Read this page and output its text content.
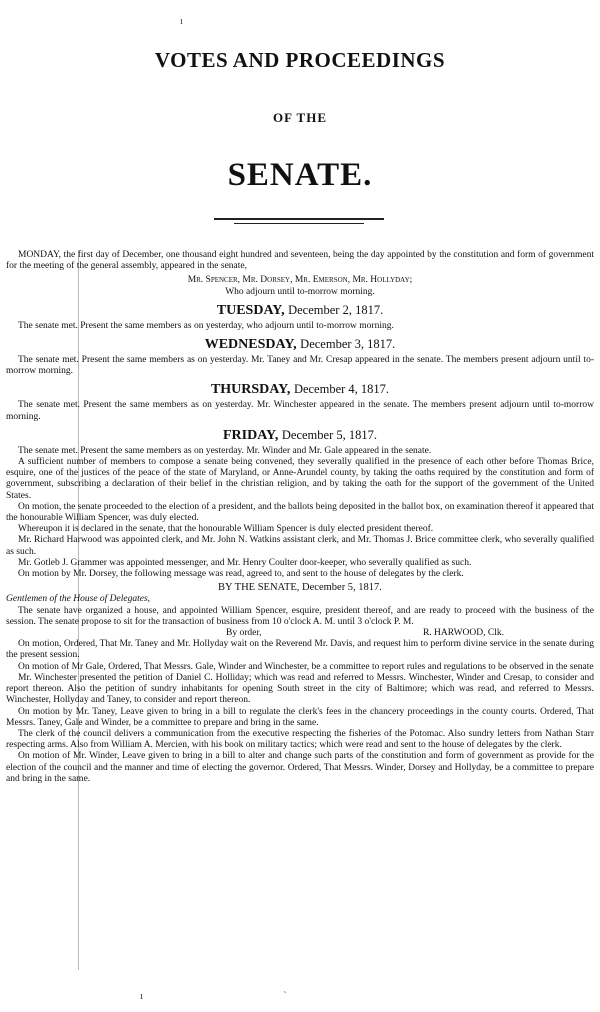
ı
VOTES AND PROCEEDINGS
OF THE
SENATE.

MONDAY, the first day of December, one thousand eight hundred and seventeen, being the day appointed by the constitution and form of government for the meeting of the general assembly, appeared in the senate,

Mr. Spencer, Mr. Dorsey, Mr. Emerson, Mr. Hollyday;

Who adjourn until to-morrow morning.

TUESDAY, December 2, 1817.

The senate met. Present the same members as on yesterday, who adjourn until to-morrow morning.

WEDNESDAY, December 3, 1817.

The senate met. Present the same members as on yesterday. Mr. Taney and Mr. Cresap appeared in the senate. The members present adjourn until to-morrow morning.

THURSDAY, December 4, 1817.

The senate met. Present the same members as on yesterday. Mr. Winchester appeared in the senate. The members present adjourn until to-morrow morning.

FRIDAY, December 5, 1817.

The senate met. Present the same members as on yesterday. Mr. Winder and Mr. Gale appeared in the senate.

A sufficient number of members to compose a senate being convened, they severally qualified in the presence of each other before Thomas Brice, esquire, one of the justices of the peace of the state of Maryland, or Anne-Arundel county, by taking the oaths required by the constitution and form of government, subscribing a declaration of their belief in the christian religion, and by taking the oath for the support of the government of the United States.

On motion, the senate proceeded to the election of a president, and the ballots being deposited in the ballot box, on examination thereof it appeared that the honourable William Spencer, was duly elected.

Whereupon it is declared in the senate, that the honourable William Spencer is duly elected president thereof.

Mr. Richard Harwood was appointed clerk, and Mr. John N. Watkins assistant clerk, and Mr. Thomas J. Brice committee clerk, who severally qualified as such.

Mr. Gotleb J. Grammer was appointed messenger, and Mr. Henry Coulter door-keeper, who severally qualified as such.

On motion by Mr. Dorsey, the following message was read, agreed to, and sent to the house of delegates by the clerk.

BY THE SENATE, December 5, 1817.

Gentlemen of the House of Delegates,

The senate have organized a house, and appointed William Spencer, esquire, president thereof, and are ready to proceed with the business of the session. The senate propose to sit for the transaction of business from 10 o'clock A. M. until 3 o'clock P. M.

By order,	R. HARWOOD, Clk.

On motion, Ordered, That Mr. Taney and Mr. Hollyday wait on the Reverend Mr. Davis, and request him to perform divine service in the senate during the present session.

On motion of Mr Gale, Ordered, That Messrs. Gale, Winder and Winchester, be a committee to report rules and regulations to be observed in the senate

Mr. Winchester presented the petition of Daniel C. Holliday; which was read and referred to Messrs. Winchester, Winder and Cresap, to consider and report thereon. Also the petition of sundry inhabitants for opening South street in the city of Baltimore; which was read, and referred to Messrs. Winchester, Hollyday and Taney, to consider and report thereon.

On motion by Mr. Taney, Leave given to bring in a bill to regulate the clerk's fees in the chancery proceedings in the county courts. Ordered, That Messrs. Taney, Gale and Winder, be a committee to prepare and bring in the same.

The clerk of the council delivers a communication from the executive respecting the fisheries of the Potomac. Also sundry letters from Nathan Starr respecting arms. Also from William A. Mercien, with his book on military tactics; which were read and sent to the house of delegates by the clerk.

On motion of Mr. Winder, Leave given to bring in a bill to alter and change such parts of the constitution and form of government as provide for the election of the council and the manner and time of electing the governor. Ordered, That Messrs. Winder, Dorsey and Hollyday, be a committee to prepare and bring in the same.

ı	ˋ
